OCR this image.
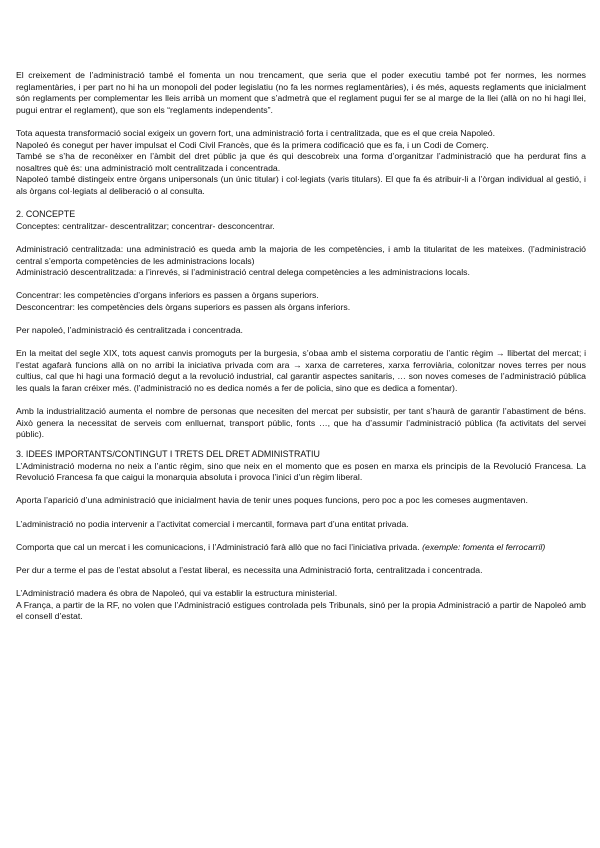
El creixement de l’administració també el fomenta un nou trencament, que seria que el poder executiu també pot fer normes, les normes reglamentàries, i per part no hi ha un monopoli del poder legislatiu (no fa les normes reglamentàries), i és més, aquests reglaments que inicialment són reglaments per complementar les lleis arribà un moment que s’admetrà que el reglament pugui fer se al marge de la llei (allà on no hi hagi llei, pugui entrar el reglament), que son els “reglaments independents”.

Tota aquesta transformació social exigeix un govern fort, una administració forta i centralitzada, que es el que creia Napoleó.

Napoleó és conegut per haver impulsat el Codi Civil Francès, que és la primera codificació que es fa, i un Codi de Comerç.

També se s’ha de reconèixer en l’àmbit del dret públic ja que és qui descobreix una forma d’organitzar l’administració que ha perdurat fins a nosaltres què és: una administració molt centralitzada i concentrada.

Napoleó també distingeix entre òrgans unipersonals (un únic titular) i col·legiats (varis titulars). El que fa és atribuir-li a l’òrgan individual al gestió, i als òrgans col·legiats al deliberació o al consulta.

2. CONCEPTE

Conceptes: centralitzar- descentralitzar; concentrar- desconcentrar.

Administració centralitzada: una administració es queda amb la majoria de les competències, i amb la titularitat de les mateixes. (l’administració central s’emporta competències de les administracions locals)

Administració descentralitzada: a l’inrevés, si l’administració central delega competències a les administracions locals.

Concentrar: les competències d’organs inferiors es passen a òrgans superiors.

Desconcentrar: les competències dels òrgans superiors es passen als òrgans inferiors.

Per napoleó, l’administració és centralitzada i concentrada.

En la meitat del segle XIX, tots aquest canvis promoguts per la burgesia, s’obaa amb el sistema corporatiu de l’antic règim → llibertat del mercat; i l’estat agafarà funcions allà on no arribi la iniciativa privada com ara → xarxa de carreteres, xarxa ferroviària, colonitzar noves terres per nous cultius, cal que hi hagi una formació degut a la revolució industrial, cal garantir aspectes sanitaris, … son noves comeses de l’administració pública les quals la faran créixer més. (l’administració no es dedica només a fer de policia, sino que es dedica a fomentar).

Amb la industrialització aumenta el nombre de personas que necesiten del mercat per subsistir, per tant s’haurà de garantir l’abastiment de béns. Això genera la necessitat de serveis com enlluernat, transport públic, fonts …, que ha d’assumir l’administració pública (fa activitats del servei públic).

3. IDEES IMPORTANTS/CONTINGUT I TRETS DEL DRET ADMINISTRATIU

L’Administració moderna no neix a l’antic règim, sino que neix en el momento que es posen en marxa els principis de la Revolució Francesa. La Revolució Francesa fa que caigui la monarquia absoluta i provoca l’inici d’un règim liberal.

Aporta l’aparició d’una administració que inicialment havia de tenir unes poques funcions, pero poc a poc les comeses augmentaven.

L’administració no podia intervenir a l’activitat comercial i mercantil, formava part d’una entitat privada.

Comporta que cal un mercat i les comunicacions, i l’Administració farà allò que no faci l’iniciativa privada. (exemple: fomenta el ferrocarril)

Per dur a terme el pas de l’estat absolut a l’estat liberal, es necessita una Administració forta, centralitzada i concentrada.

L’Administració madera és obra de Napoleó, qui va establir la estructura ministerial.

A França, a partir de la RF, no volen que l’Administració estigues controlada pels Tribunals, sinó per la propia Administració a partir de Napoleó amb el consell d’estat.
